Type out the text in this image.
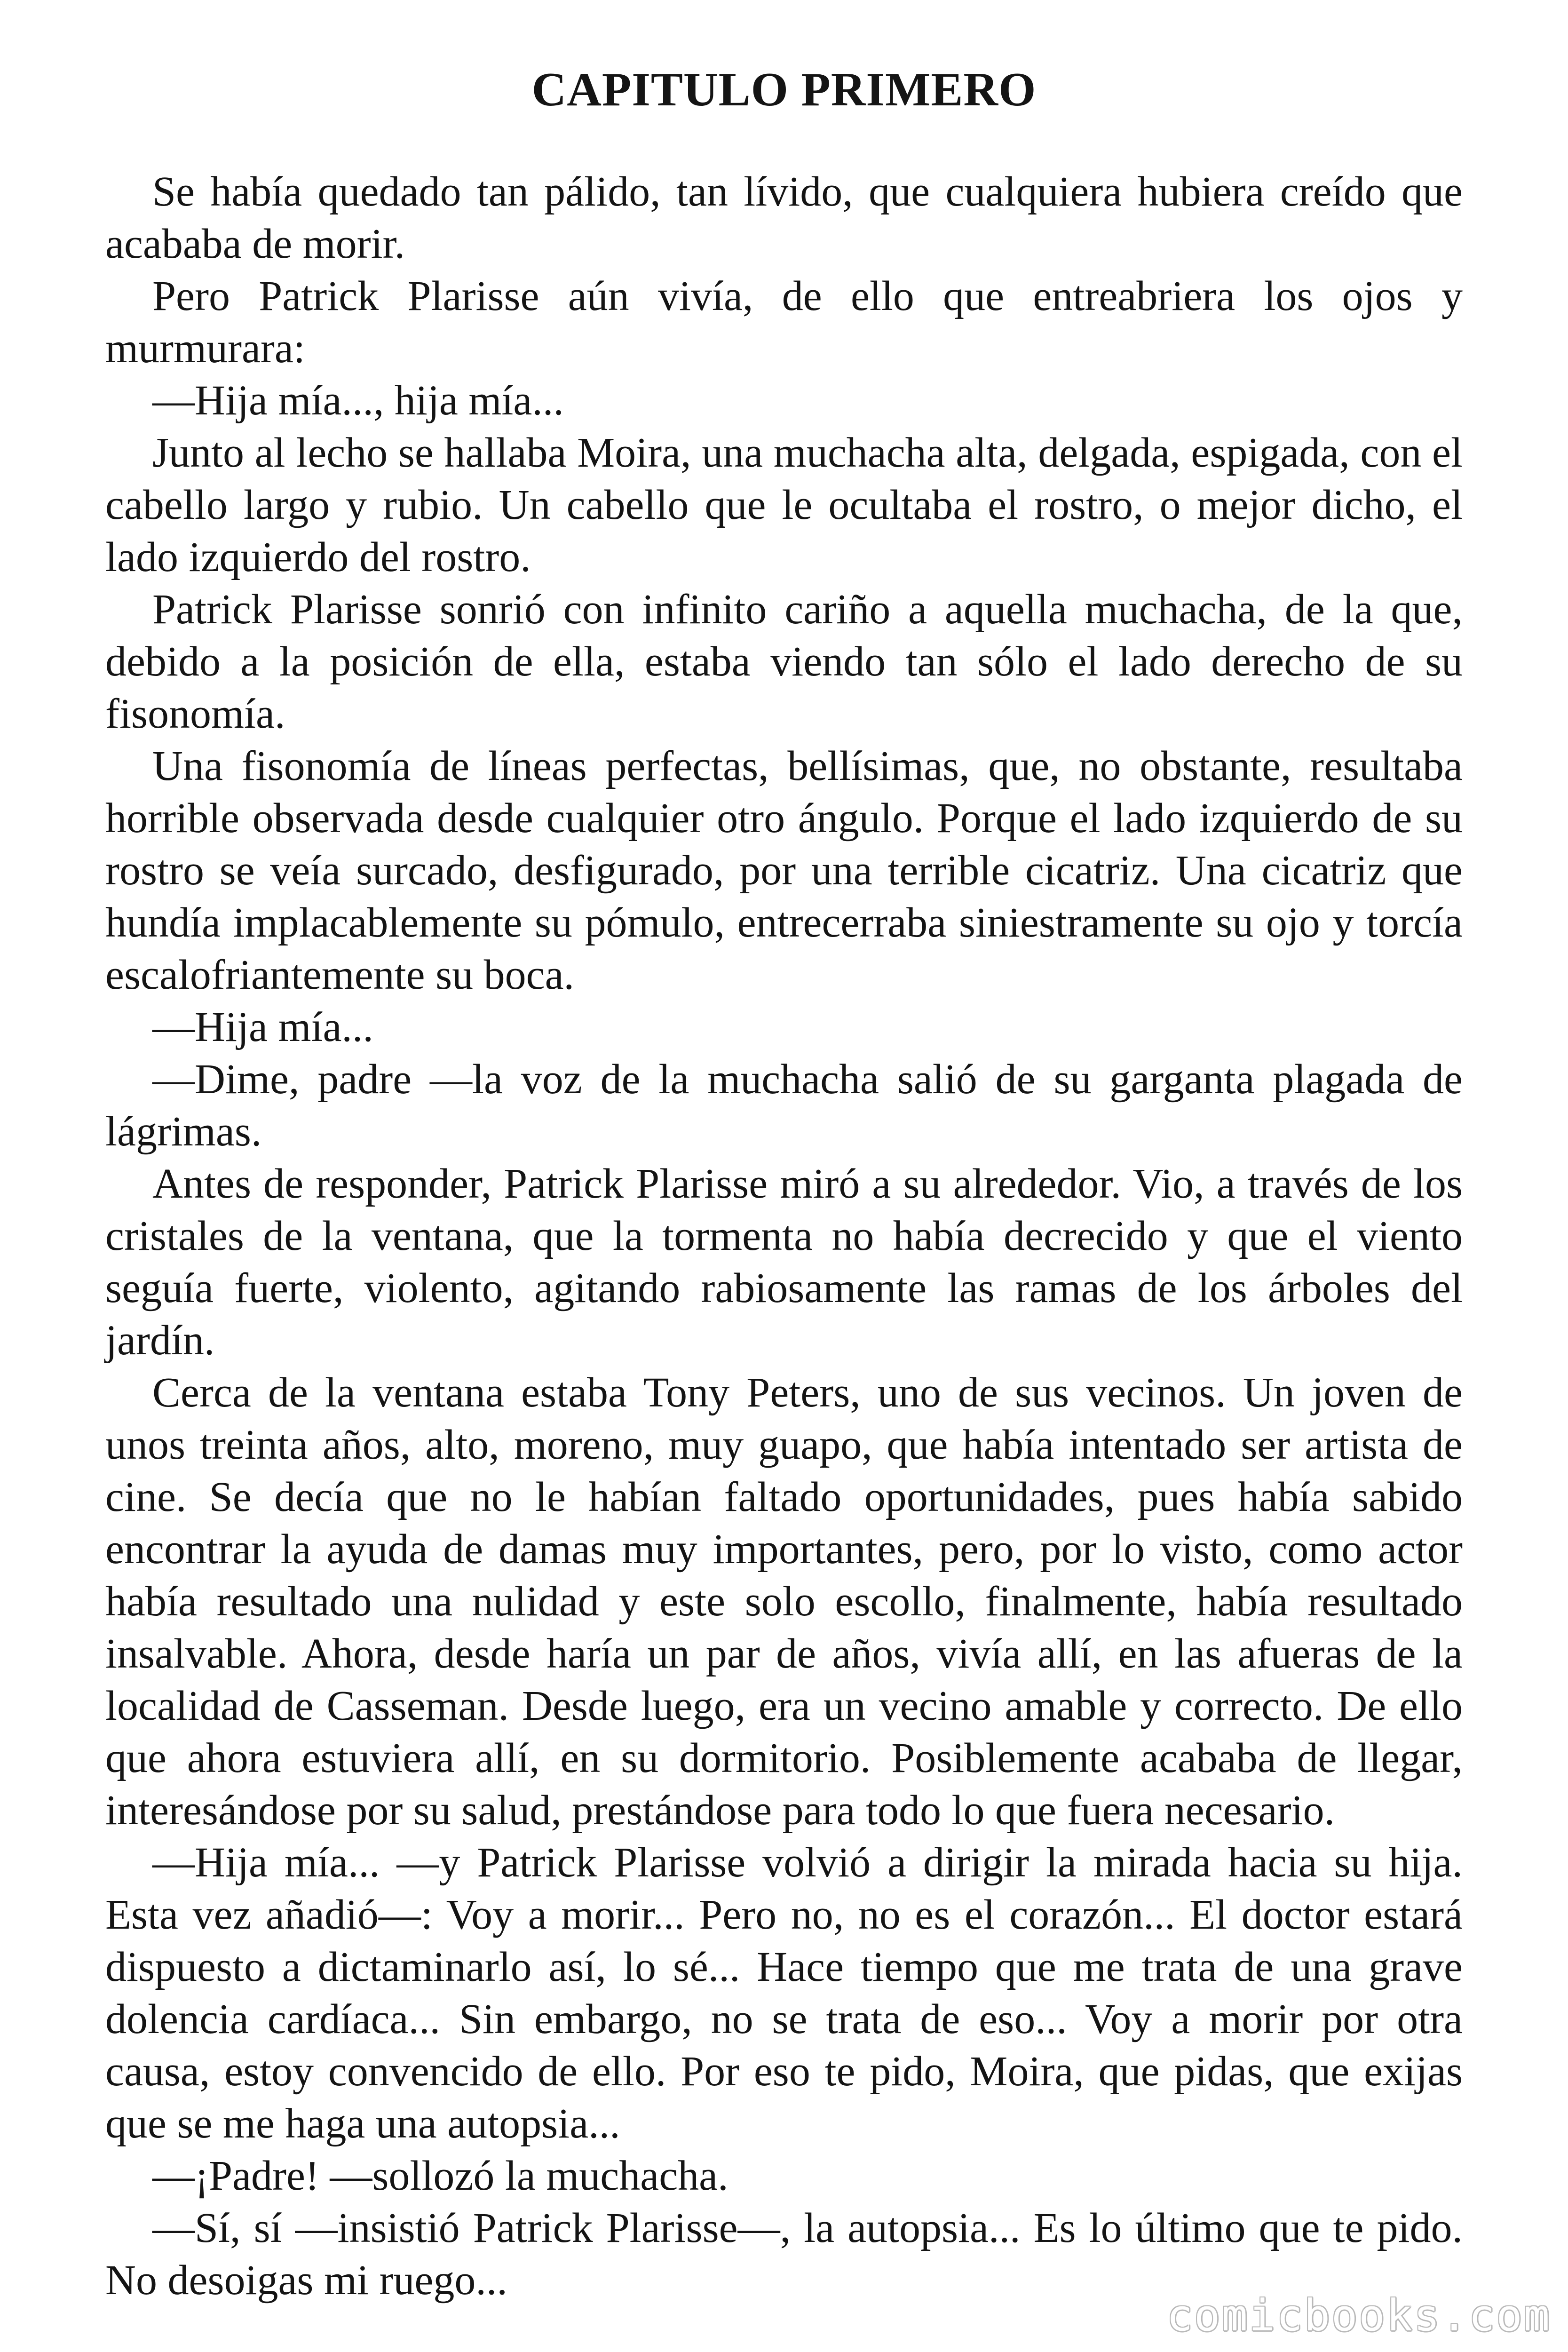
CAPITULO PRIMERO

Se había quedado tan pálido, tan lívido, que cualquiera hubiera creído que acababa de morir.

Pero Patrick Plarisse aún vivía, de ello que entreabriera los ojos y murmurara:

—Hija mía..., hija mía...

Junto al lecho se hallaba Moira, una muchacha alta, delgada, espigada, con el cabello largo y rubio. Un cabello que le ocultaba el rostro, o mejor dicho, el lado izquierdo del rostro.

Patrick Plarisse sonrió con infinito cariño a aquella muchacha, de la que, debido a la posición de ella, estaba viendo tan sólo el lado derecho de su fisonomía.

Una fisonomía de líneas perfectas, bellísimas, que, no obstante, resultaba horrible observada desde cualquier otro ángulo. Porque el lado izquierdo de su rostro se veía surcado, desfigurado, por una terrible cicatriz. Una cicatriz que hundía implacablemente su pómulo, entrecerraba siniestramente su ojo y torcía escalofriantemente su boca.

—Hija mía...

—Dime, padre —la voz de la muchacha salió de su garganta plagada de lágrimas.

Antes de responder, Patrick Plarisse miró a su alrededor. Vio, a través de los cristales de la ventana, que la tormenta no había decrecido y que el viento seguía fuerte, violento, agitando rabiosamente las ramas de los árboles del jardín.

Cerca de la ventana estaba Tony Peters, uno de sus vecinos. Un joven de unos treinta años, alto, moreno, muy guapo, que había intentado ser artista de cine. Se decía que no le habían faltado oportunidades, pues había sabido encontrar la ayuda de damas muy importantes, pero, por lo visto, como actor había resultado una nulidad y este solo escollo, finalmente, había resultado insalvable. Ahora, desde haría un par de años, vivía allí, en las afueras de la localidad de Casseman. Desde luego, era un vecino amable y correcto. De ello que ahora estuviera allí, en su dormitorio. Posiblemente acababa de llegar, interesándose por su salud, prestándose para todo lo que fuera necesario.

—Hija mía... —y Patrick Plarisse volvió a dirigir la mirada hacia su hija. Esta vez añadió—: Voy a morir... Pero no, no es el corazón... El doctor estará dispuesto a dictaminarlo así, lo sé... Hace tiempo que me trata de una grave dolencia cardíaca... Sin embargo, no se trata de eso... Voy a morir por otra causa, estoy convencido de ello. Por eso te pido, Moira, que pidas, que exijas que se me haga una autopsia...

—¡Padre! —sollozó la muchacha.

—Sí, sí —insistió Patrick Plarisse—, la autopsia... Es lo último que te pido. No desoigas mi ruego...

comicbooks.com
